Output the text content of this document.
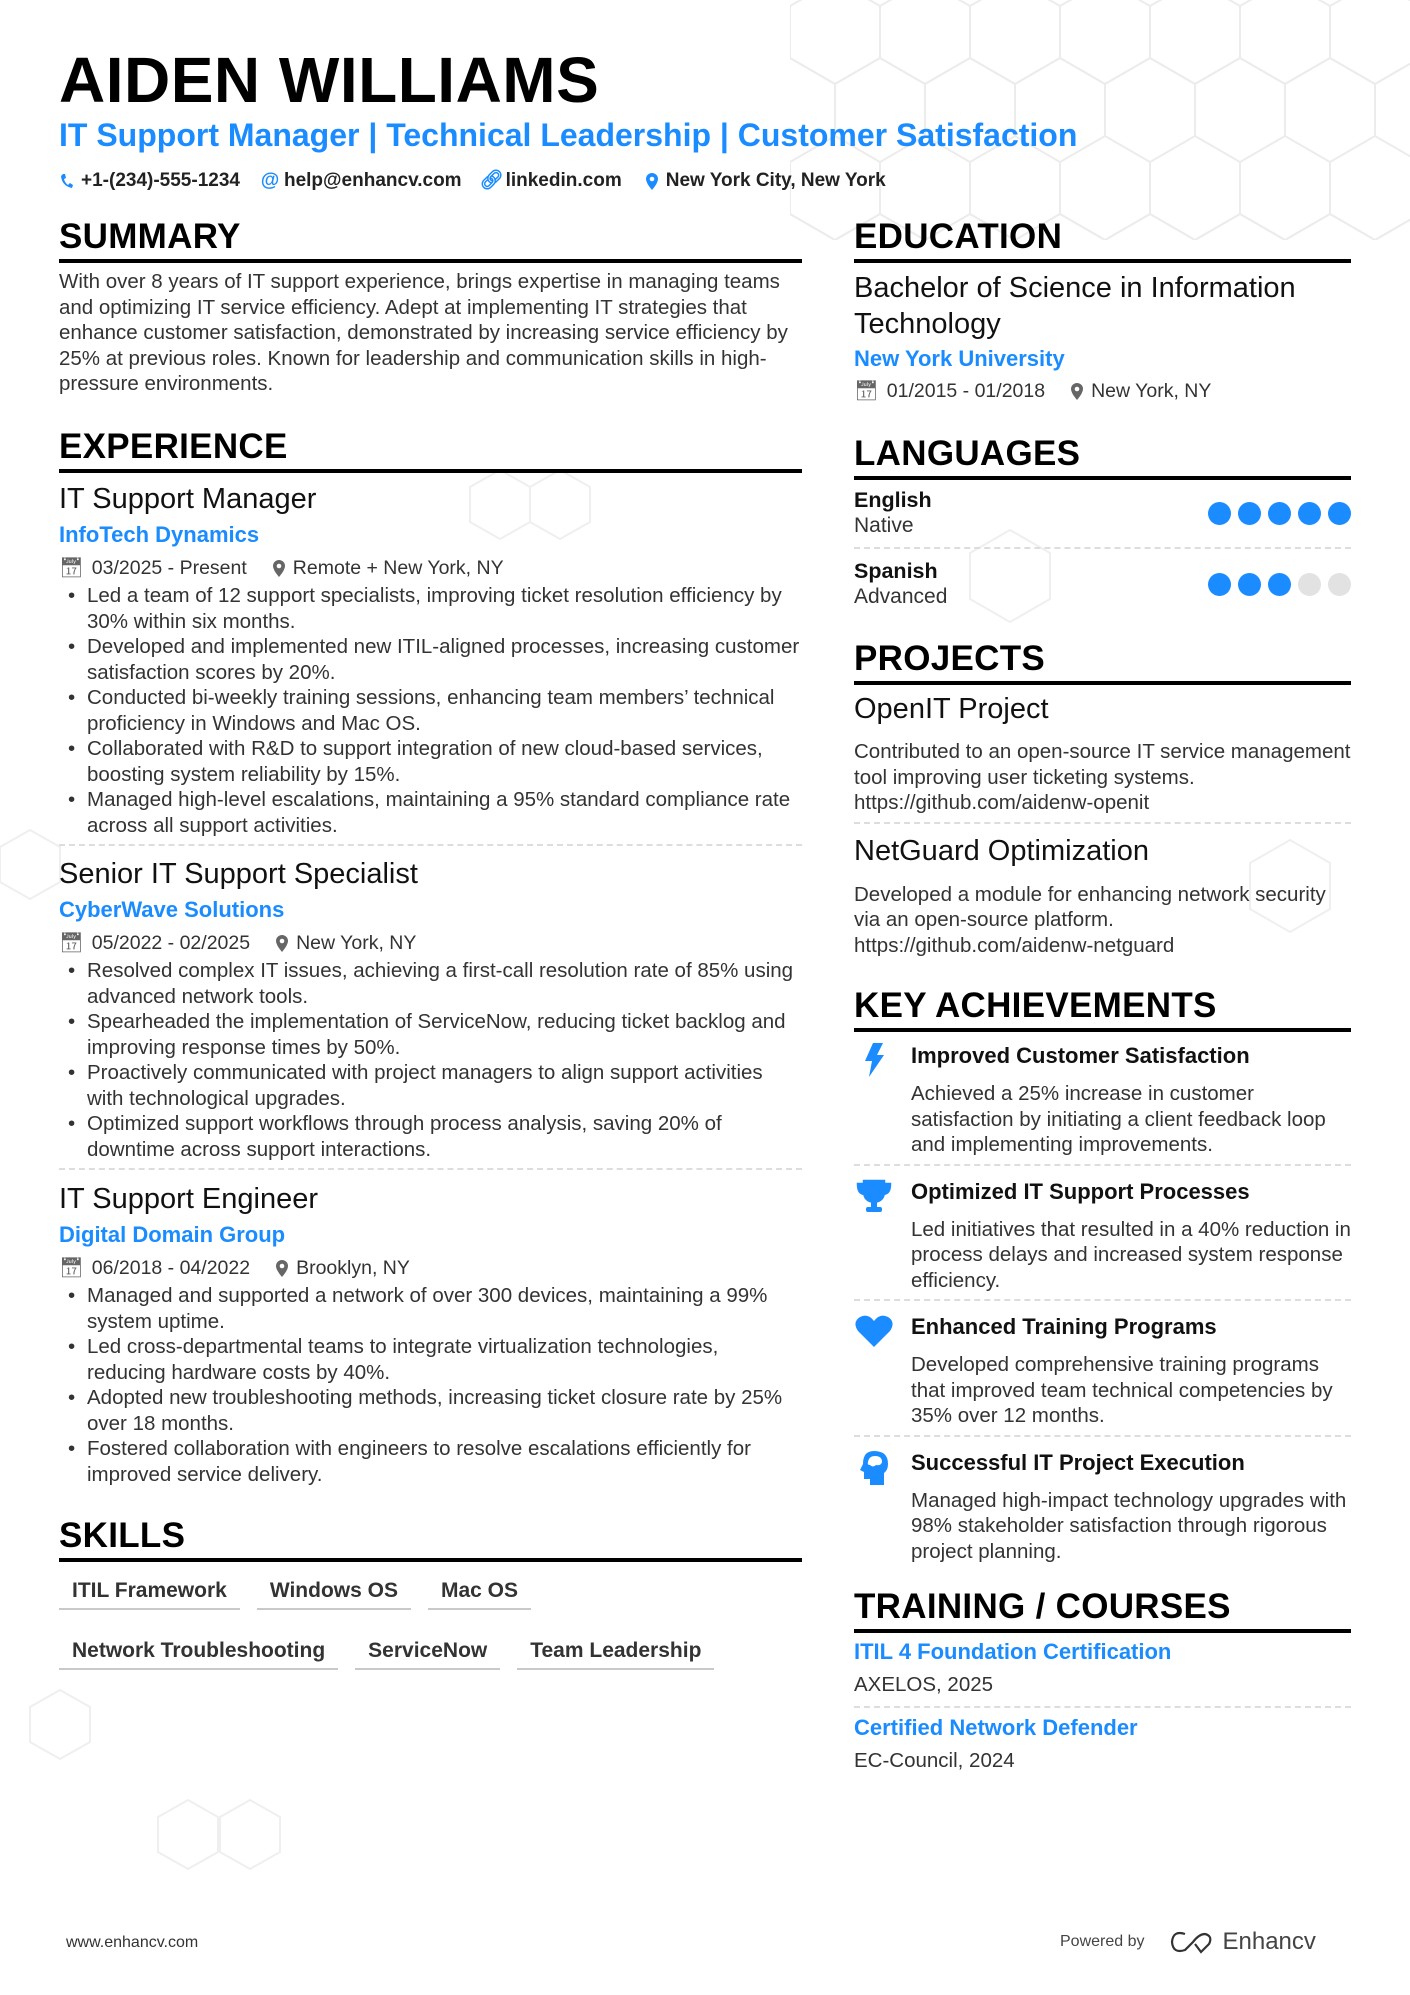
AIDEN WILLIAMS
IT Support Manager | Technical Leadership | Customer Satisfaction
+1-(234)-555-1234 @ help@enhancv.com 🔗︎ linkedin.com New York City, New York
SUMMARY
With over 8 years of IT support experience, brings expertise in managing teams and optimizing IT service efficiency. Adept at implementing IT strategies that enhance customer satisfaction, demonstrated by increasing service efficiency by 25% at previous roles. Known for leadership and communication skills in high-pressure environments.
EXPERIENCE
IT Support Manager
InfoTech Dynamics
📅︎ 03/2025 - Present Remote + New York, NY
• Led a team of 12 support specialists, improving ticket resolution efficiency by 30% within six months.
• Developed and implemented new ITIL-aligned processes, increasing customer satisfaction scores by 20%.
• Conducted bi-weekly training sessions, enhancing team members’ technical proficiency in Windows and Mac OS.
• Collaborated with R&D to support integration of new cloud-based services, boosting system reliability by 15%.
• Managed high-level escalations, maintaining a 95% standard compliance rate across all support activities.
Senior IT Support Specialist
CyberWave Solutions
📅︎ 05/2022 - 02/2025 New York, NY
• Resolved complex IT issues, achieving a first-call resolution rate of 85% using advanced network tools.
• Spearheaded the implementation of ServiceNow, reducing ticket backlog and improving response times by 50%.
• Proactively communicated with project managers to align support activities with technological upgrades.
• Optimized support workflows through process analysis, saving 20% of downtime across support interactions.
IT Support Engineer
Digital Domain Group
📅︎ 06/2018 - 04/2022 Brooklyn, NY
• Managed and supported a network of over 300 devices, maintaining a 99% system uptime.
• Led cross-departmental teams to integrate virtualization technologies, reducing hardware costs by 40%.
• Adopted new troubleshooting methods, increasing ticket closure rate by 25% over 18 months.
• Fostered collaboration with engineers to resolve escalations efficiently for improved service delivery.
SKILLS
ITIL Framework	Windows OS	Mac OS
Network Troubleshooting	ServiceNow	Team Leadership
EDUCATION
Bachelor of Science in Information Technology
New York University
📅︎ 01/2015 - 01/2018 New York, NY
LANGUAGES
English
Native
Spanish
Advanced
PROJECTS
OpenIT Project
Contributed to an open-source IT service management tool improving user ticketing systems. https://github.com/aidenw-openit
NetGuard Optimization
Developed a module for enhancing network security via an open-source platform. https://github.com/aidenw-netguard
KEY ACHIEVEMENTS
Improved Customer Satisfaction
Achieved a 25% increase in customer satisfaction by initiating a client feedback loop and implementing improvements.
Optimized IT Support Processes
Led initiatives that resulted in a 40% reduction in process delays and increased system response efficiency.
Enhanced Training Programs
Developed comprehensive training programs that improved team technical competencies by 35% over 12 months.
Successful IT Project Execution
Managed high-impact technology upgrades with 98% stakeholder satisfaction through rigorous project planning.
TRAINING / COURSES
ITIL 4 Foundation Certification
AXELOS, 2025
Certified Network Defender
EC-Council, 2024
www.enhancv.com	Powered by	Enhancv
